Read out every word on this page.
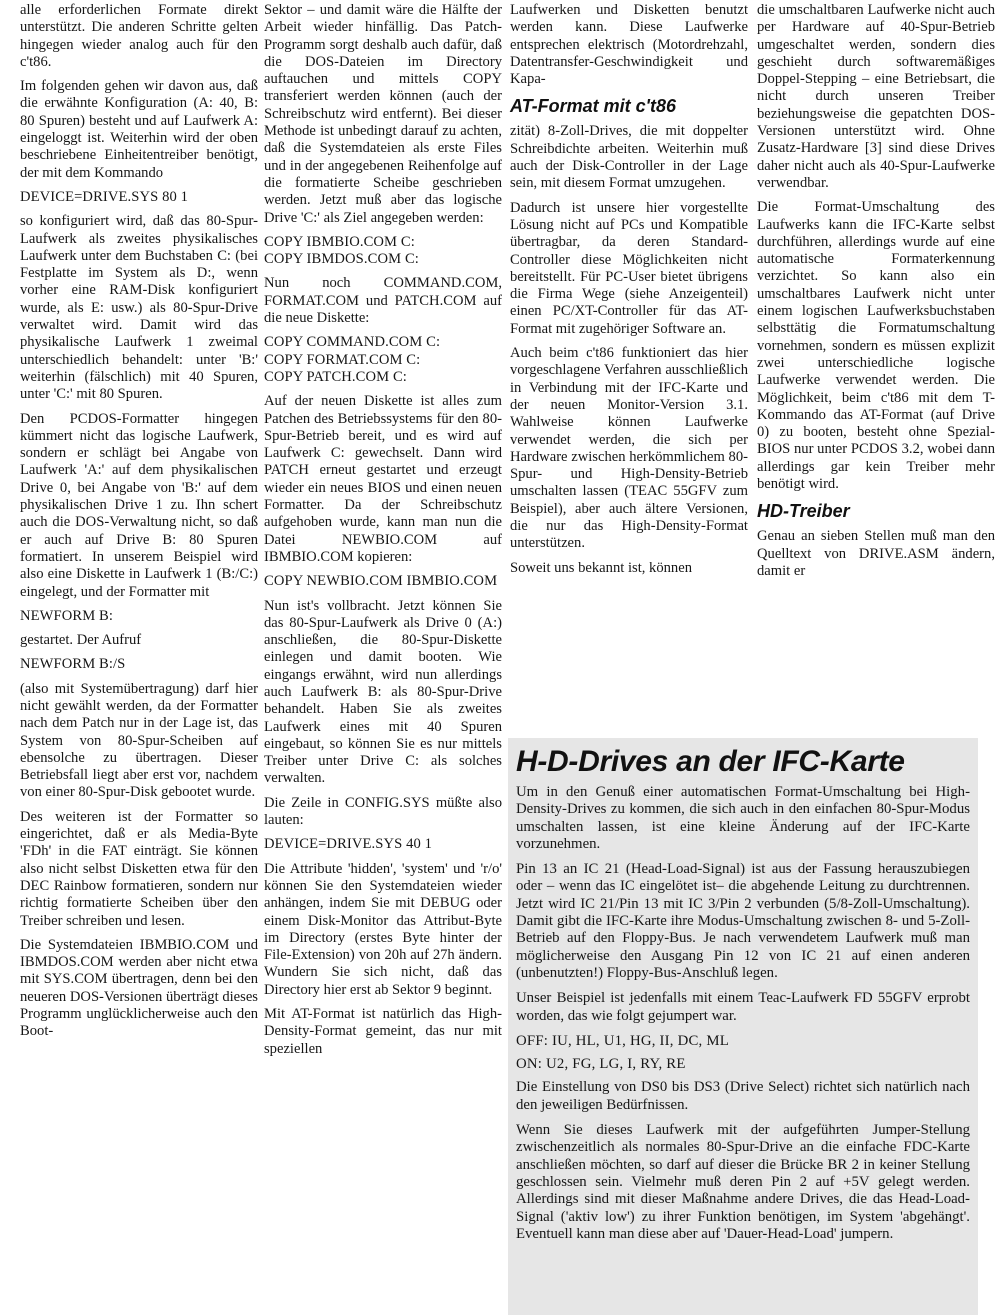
alle erforderlichen Formate direkt unterstützt. Die anderen Schritte gelten hingegen wieder analog auch für den c't86.

Im folgenden gehen wir davon aus, daß die erwähnte Konfiguration (A: 40, B: 80 Spuren) besteht und auf Laufwerk A: eingeloggt ist. Weiterhin wird der oben beschriebene Einheitentreiber benötigt, der mit dem Kommando

DEVICE=DRIVE.SYS 80 1

so konfiguriert wird, daß das 80-Spur-Laufwerk als zweites physikalisches Laufwerk unter dem Buchstaben C: (bei Festplatte im System als D:, wenn vorher eine RAM-Disk konfiguriert wurde, als E: usw.) als 80-Spur-Drive verwaltet wird. Damit wird das physikalische Laufwerk 1 zweimal unterschiedlich behandelt: unter 'B:' weiterhin (fälschlich) mit 40 Spuren, unter 'C:' mit 80 Spuren.

Den PCDOS-Formatter hingegen kümmert nicht das logische Laufwerk, sondern er schlägt bei Angabe von Laufwerk 'A:' auf dem physikalischen Drive 0, bei Angabe von 'B:' auf dem physikalischen Drive 1 zu. Ihn schert auch die DOS-Verwaltung nicht, so daß er auch auf Drive B: 80 Spuren formatiert. In unserem Beispiel wird also eine Diskette in Laufwerk 1 (B:/C:) eingelegt, und der Formatter mit

NEWFORM B:

gestartet. Der Aufruf

NEWFORM B:/S

(also mit Systemübertragung) darf hier nicht gewählt werden, da der Formatter nach dem Patch nur in der Lage ist, das System von 80-Spur-Scheiben auf ebensolche zu übertragen. Dieser Betriebsfall liegt aber erst vor, nachdem von einer 80-Spur-Disk gebootet wurde.

Des weiteren ist der Formatter so eingerichtet, daß er als Media-Byte 'FDh' in die FAT einträgt. Sie können also nicht selbst Disketten etwa für den DEC Rainbow formatieren, sondern nur richtig formatierte Scheiben über den Treiber schreiben und lesen.

Die Systemdateien IBMBIO.COM und IBMDOS.COM werden aber nicht etwa mit SYS.COM übertragen, denn bei den neueren DOS-Versionen überträgt dieses Programm unglücklicherweise auch den Boot-

Sektor – und damit wäre die Hälfte der Arbeit wieder hinfällig. Das Patch-Programm sorgt deshalb auch dafür, daß die DOS-Dateien im Directory auftauchen und mittels COPY transferiert werden können (auch der Schreibschutz wird entfernt). Bei dieser Methode ist unbedingt darauf zu achten, daß die Systemdateien als erste Files und in der angegebenen Reihenfolge auf die formatierte Scheibe geschrieben werden. Jetzt muß aber das logische Drive 'C:' als Ziel angegeben werden:

COPY IBMBIO.COM C:
COPY IBMDOS.COM C:

Nun noch COMMAND.COM, FORMAT.COM und PATCH.COM auf die neue Diskette:

COPY COMMAND.COM C:
COPY FORMAT.COM C:
COPY PATCH.COM C:

Auf der neuen Diskette ist alles zum Patchen des Betriebssystems für den 80-Spur-Betrieb bereit, und es wird auf Laufwerk C: gewechselt. Dann wird PATCH erneut gestartet und erzeugt wieder ein neues BIOS und einen neuen Formatter. Da der Schreibschutz aufgehoben wurde, kann man nun die Datei NEWBIO.COM auf IBMBIO.COM kopieren:

COPY NEWBIO.COM IBMBIO.COM

Nun ist's vollbracht. Jetzt können Sie das 80-Spur-Laufwerk als Drive 0 (A:) anschließen, die 80-Spur-Diskette einlegen und damit booten. Wie eingangs erwähnt, wird nun allerdings auch Laufwerk B: als 80-Spur-Drive behandelt. Haben Sie als zweites Laufwerk eines mit 40 Spuren eingebaut, so können Sie es nur mittels Treiber unter Drive C: als solches verwalten.

Die Zeile in CONFIG.SYS müßte also lauten:

DEVICE=DRIVE.SYS 40 1

Die Attribute 'hidden', 'system' und 'r/o' können Sie den Systemdateien wieder anhängen, indem Sie mit DEBUG oder einem Disk-Monitor das Attribut-Byte im Directory (erstes Byte hinter der File-Extension) von 20h auf 27h ändern. Wundern Sie sich nicht, daß das Directory hier erst ab Sektor 9 beginnt.

Mit AT-Format ist natürlich das High-Density-Format gemeint, das nur mit speziellen

Laufwerken und Disketten benutzt werden kann. Diese Laufwerke entsprechen elektrisch (Motordrehzahl, Datentransfer-Geschwindigkeit und Kapa-

AT-Format mit c't86

zität) 8-Zoll-Drives, die mit doppelter Schreibdichte arbeiten. Weiterhin muß auch der Disk-Controller in der Lage sein, mit diesem Format umzugehen.

Dadurch ist unsere hier vorgestellte Lösung nicht auf PCs und Kompatible übertragbar, da deren Standard-Controller diese Möglichkeiten nicht bereitstellt. Für PC-User bietet übrigens die Firma Wege (siehe Anzeigenteil) einen PC/XT-Controller für das AT-Format mit zugehöriger Software an.

Auch beim c't86 funktioniert das hier vorgeschlagene Verfahren ausschließlich in Verbindung mit der IFC-Karte und der neuen Monitor-Version 3.1. Wahlweise können Laufwerke verwendet werden, die sich per Hardware zwischen herkömmlichem 80-Spur- und High-Density-Betrieb umschalten lassen (TEAC 55GFV zum Beispiel), aber auch ältere Versionen, die nur das High-Density-Format unterstützen.

Soweit uns bekannt ist, können

die umschaltbaren Laufwerke nicht auch per Hardware auf 40-Spur-Betrieb umgeschaltet werden, sondern dies geschieht durch softwaremäßiges Doppel-Stepping – eine Betriebsart, die nicht durch unseren Treiber beziehungsweise die gepatchten DOS-Versionen unterstützt wird. Ohne Zusatz-Hardware [3] sind diese Drives daher nicht auch als 40-Spur-Laufwerke verwendbar.

Die Format-Umschaltung des Laufwerks kann die IFC-Karte selbst durchführen, allerdings wurde auf eine automatische Formaterkennung verzichtet. So kann also ein umschaltbares Laufwerk nicht unter einem logischen Laufwerksbuchstaben selbsttätig die Formatumschaltung vornehmen, sondern es müssen explizit zwei unterschiedliche logische Laufwerke verwendet werden. Die Möglichkeit, beim c't86 mit dem T-Kommando das AT-Format (auf Drive 0) zu booten, besteht ohne Spezial-BIOS nur unter PCDOS 3.2, wobei dann allerdings gar kein Treiber mehr benötigt wird.

HD-Treiber

Genau an sieben Stellen muß man den Quelltext von DRIVE.ASM ändern, damit er

H-D-Drives an der IFC-Karte

Um in den Genuß einer automatischen Format-Umschaltung bei High-Density-Drives zu kommen, die sich auch in den einfachen 80-Spur-Modus umschalten lassen, ist eine kleine Änderung auf der IFC-Karte vorzunehmen.

Pin 13 an IC 21 (Head-Load-Signal) ist aus der Fassung herauszubiegen oder – wenn das IC eingelötet ist– die abgehende Leitung zu durchtrennen. Jetzt wird IC 21/Pin 13 mit IC 3/Pin 2 verbunden (5/8-Zoll-Umschaltung). Damit gibt die IFC-Karte ihre Modus-Umschaltung zwischen 8- und 5-Zoll-Betrieb auf den Floppy-Bus. Je nach verwendetem Laufwerk muß man möglicherweise den Ausgang Pin 12 von IC 21 auf einen anderen (unbenutzten!) Floppy-Bus-Anschluß legen.

Unser Beispiel ist jedenfalls mit einem Teac-Laufwerk FD 55GFV erprobt worden, das wie folgt gejumpert war.

OFF: IU, HL, U1, HG, II, DC, ML

ON: U2, FG, LG, I, RY, RE

Die Einstellung von DS0 bis DS3 (Drive Select) richtet sich natürlich nach den jeweiligen Bedürfnissen.

Wenn Sie dieses Laufwerk mit der aufgeführten Jumper-Stellung zwischenzeitlich als normales 80-Spur-Drive an die einfache FDC-Karte anschließen möchten, so darf auf dieser die Brücke BR 2 in keiner Stellung geschlossen sein. Vielmehr muß deren Pin 2 auf +5V gelegt werden. Allerdings sind mit dieser Maßnahme andere Drives, die das Head-Load-Signal ('aktiv low') zu ihrer Funktion benötigen, im System 'abgehängt'. Eventuell kann man diese aber auf 'Dauer-Head-Load' jumpern.
